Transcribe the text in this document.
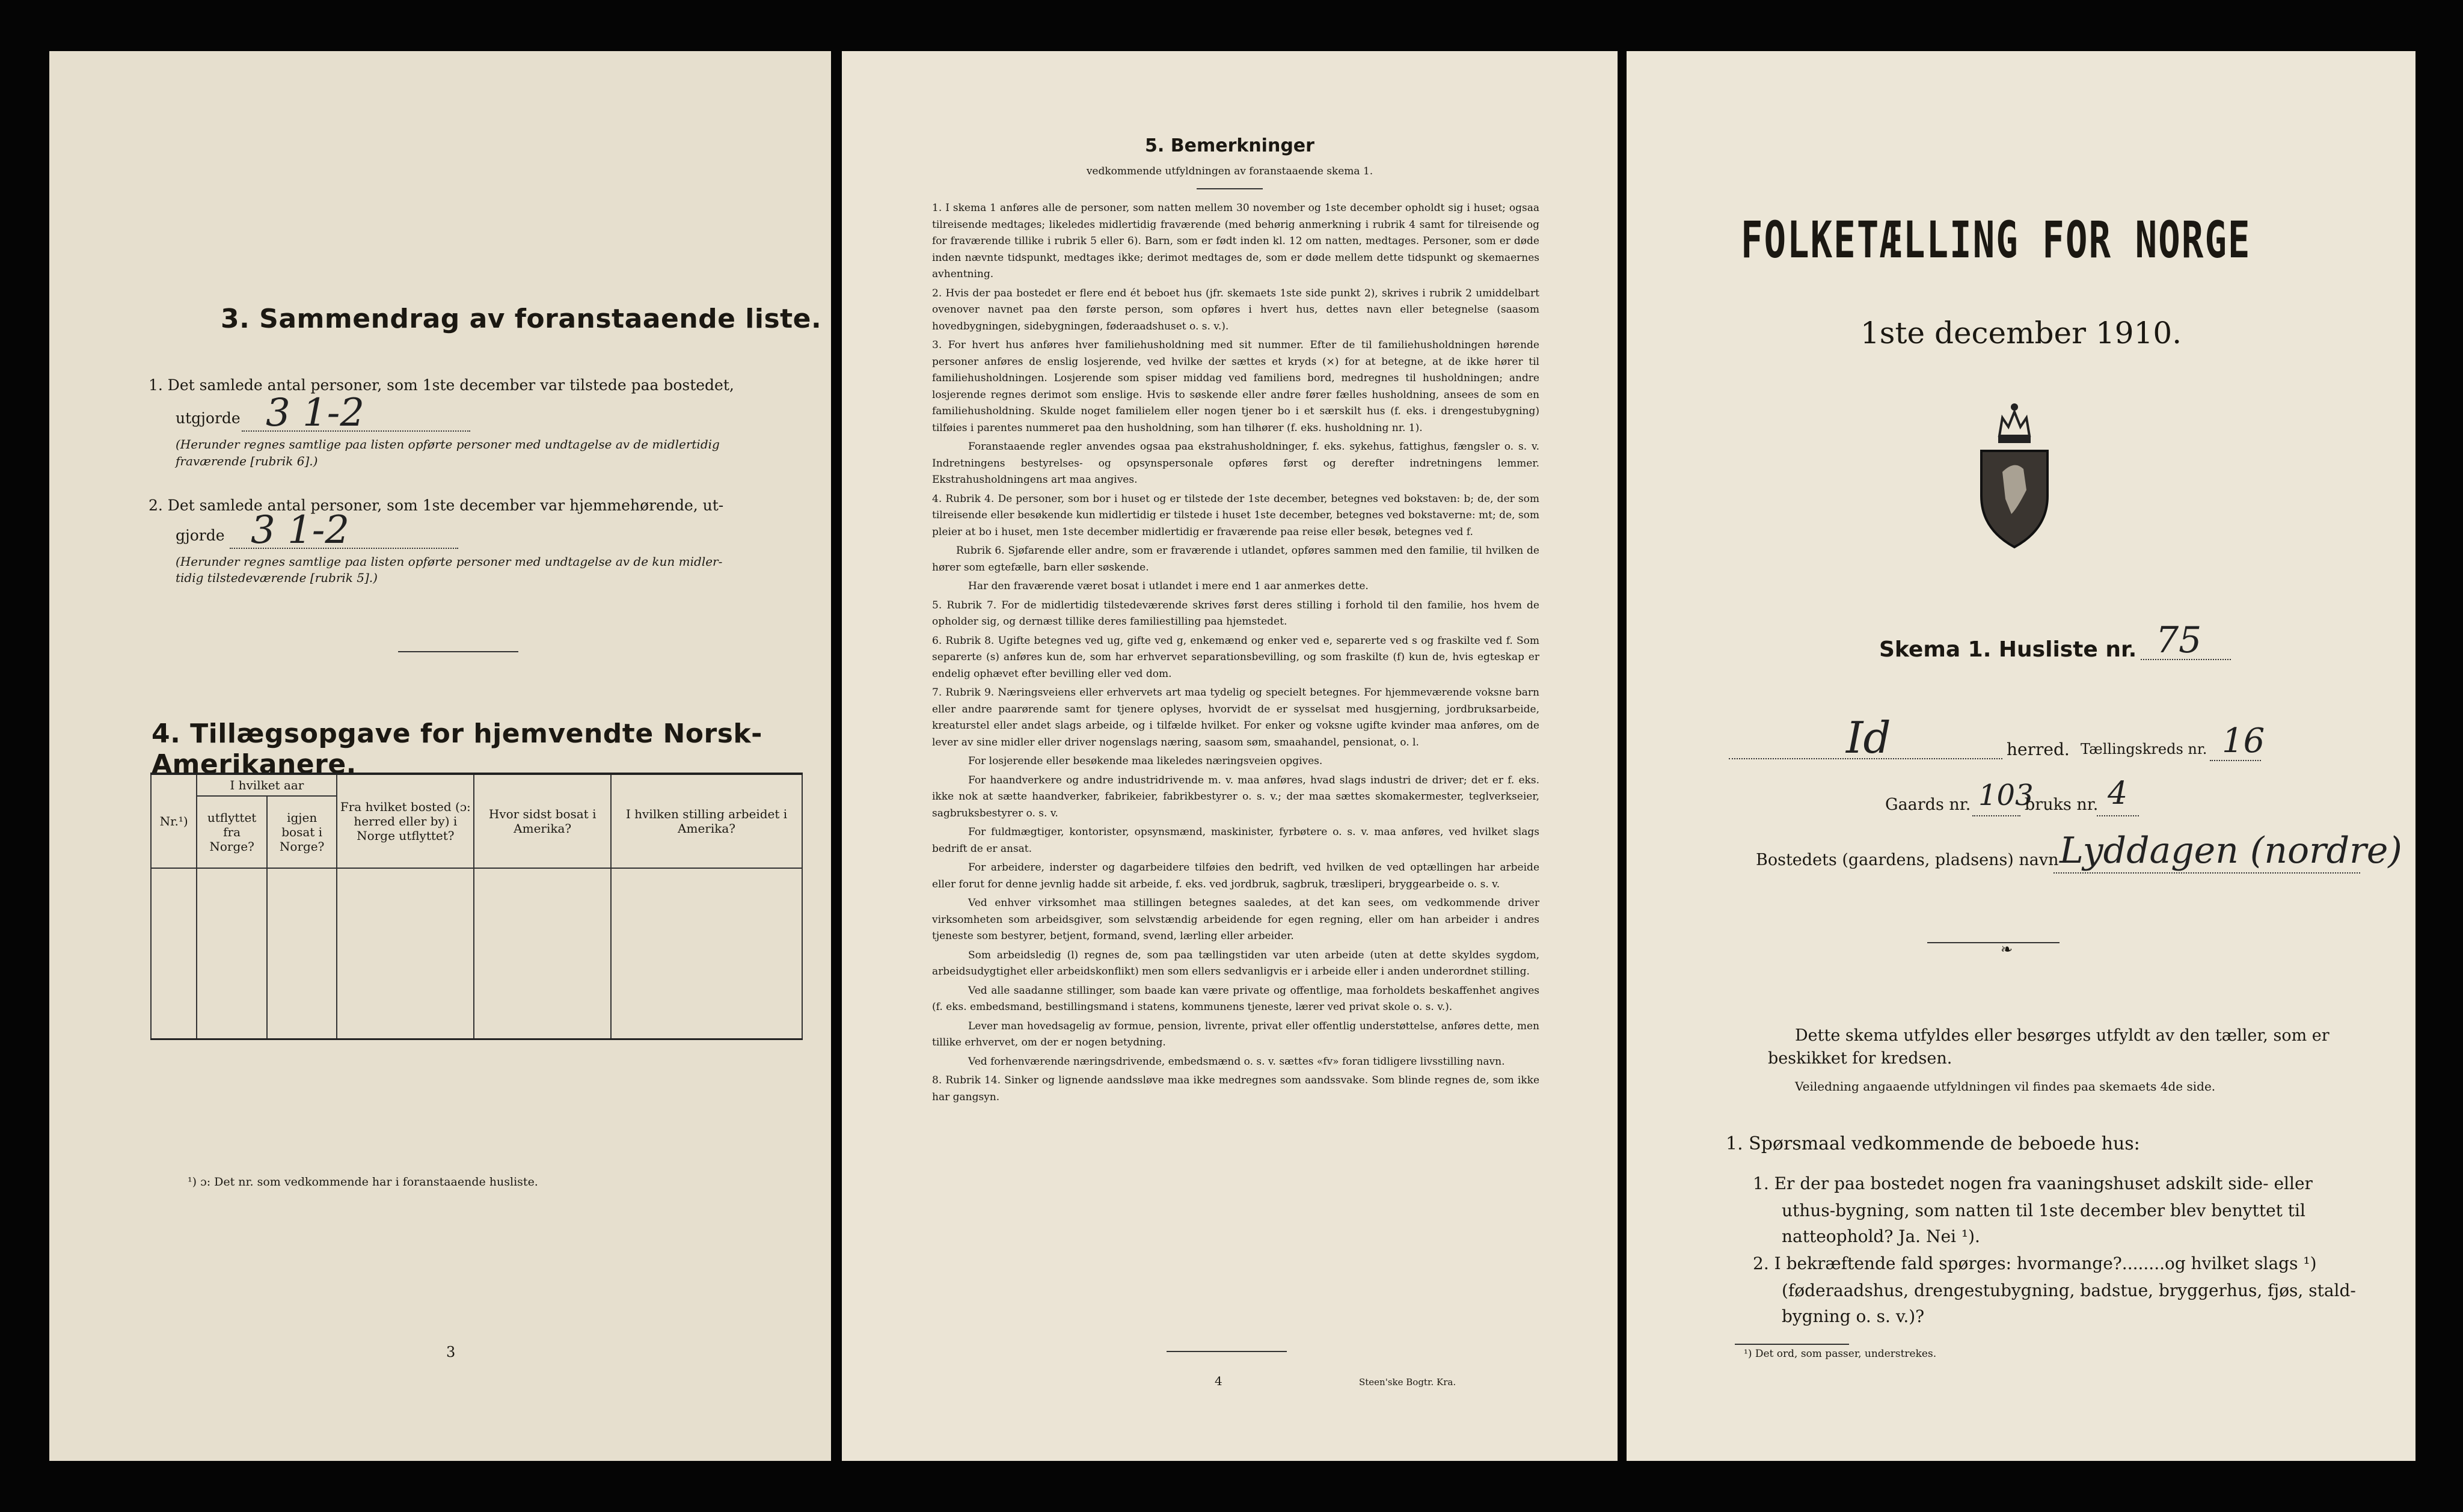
3. Sammendrag av foranstaaende liste.
1. Det samlede antal personer, som 1ste december var tilstede paa bostedet,
utgjorde 3 1-2
(Herunder regnes samtlige paa listen opførte personer med undtagelse av de midlertidig
fraværende [rubrik 6].)
2. Det samlede antal personer, som 1ste december var hjemmehørende, ut-
gjorde 3 1-2
(Herunder regnes samtlige paa listen opførte personer med undtagelse av de kun midler-
tidig tilstedeværende [rubrik 5].)
4. Tillægsopgave for hjemvendte Norsk-Amerikanere.
Nr.¹)	I hvilket aar		Fra hvilket bosted (ɔ: herred eller by) i Norge utflyttet?	Hvor sidst bosat i Amerika?	I hvilken stilling arbeidet i Amerika?
	utflyttet fra Norge?	igjen bosat i Norge?			

¹) ɔ: Det nr. som vedkommende har i foranstaaende husliste.
3
5. Bemerkninger
vedkommende utfyldningen av foranstaaende skema 1.

1. I skema 1 anføres alle de personer, som natten mellem 30 november og 1ste december opholdt sig i huset; ogsaa tilreisende medtages; likeledes midlertidig fraværende (med behørig anmerkning i rubrik 4 samt for tilreisende og for fraværende tillike i rubrik 5 eller 6). Barn, som er født inden kl. 12 om natten, medtages. Personer, som er døde inden nævnte tidspunkt, medtages ikke; derimot medtages de, som er døde mellem dette tidspunkt og skemaernes avhentning.

2. Hvis der paa bostedet er flere end ét beboet hus (jfr. skemaets 1ste side punkt 2), skrives i rubrik 2 umiddelbart ovenover navnet paa den første person, som opføres i hvert hus, dettes navn eller betegnelse (saasom hovedbygningen, sidebygningen, føderaadshuset o. s. v.).

3. For hvert hus anføres hver familiehusholdning med sit nummer. Efter de til familiehusholdningen hørende personer anføres de enslig losjerende, ved hvilke der sættes et kryds (×) for at betegne, at de ikke hører til familiehusholdningen. Losjerende som spiser middag ved familiens bord, medregnes til husholdningen; andre losjerende regnes derimot som enslige. Hvis to søskende eller andre fører fælles husholdning, ansees de som en familiehusholdning. Skulde noget familielem eller nogen tjener bo i et særskilt hus (f. eks. i drengestubygning) tilføies i parentes nummeret paa den husholdning, som han tilhører (f. eks. husholdning nr. 1).

Foranstaaende regler anvendes ogsaa paa ekstrahusholdninger, f. eks. sykehus, fattighus, fængsler o. s. v. Indretningens bestyrelses- og opsynspersonale opføres først og derefter indretningens lemmer. Ekstrahusholdningens art maa angives.

4. Rubrik 4. De personer, som bor i huset og er tilstede der 1ste december, betegnes ved bokstaven: b; de, der som tilreisende eller besøkende kun midlertidig er tilstede i huset 1ste december, betegnes ved bokstaverne: mt; de, som pleier at bo i huset, men 1ste december midlertidig er fraværende paa reise eller besøk, betegnes ved f.

Rubrik 6. Sjøfarende eller andre, som er fraværende i utlandet, opføres sammen med den familie, til hvilken de hører som egtefælle, barn eller søskende.

Har den fraværende været bosat i utlandet i mere end 1 aar anmerkes dette.

5. Rubrik 7. For de midlertidig tilstedeværende skrives først deres stilling i forhold til den familie, hos hvem de opholder sig, og dernæst tillike deres familiestilling paa hjemstedet.

6. Rubrik 8. Ugifte betegnes ved ug, gifte ved g, enkemænd og enker ved e, separerte ved s og fraskilte ved f. Som separerte (s) anføres kun de, som har erhvervet separationsbevilling, og som fraskilte (f) kun de, hvis egteskap er endelig ophævet efter bevilling eller ved dom.

7. Rubrik 9. Næringsveiens eller erhvervets art maa tydelig og specielt betegnes. For hjemmeværende voksne barn eller andre paarørende samt for tjenere oplyses, hvorvidt de er sysselsat med husgjerning, jordbruksarbeide, kreaturstel eller andet slags arbeide, og i tilfælde hvilket. For enker og voksne ugifte kvinder maa anføres, om de lever av sine midler eller driver nogenslags næring, saasom søm, smaahandel, pensionat, o. l.

For losjerende eller besøkende maa likeledes næringsveien opgives.

For haandverkere og andre industridrivende m. v. maa anføres, hvad slags industri de driver; det er f. eks. ikke nok at sætte haandverker, fabrikeier, fabrikbestyrer o. s. v.; der maa sættes skomakermester, teglverkseier, sagbruksbestyrer o. s. v.

For fuldmægtiger, kontorister, opsynsmænd, maskinister, fyrbøtere o. s. v. maa anføres, ved hvilket slags bedrift de er ansat.

For arbeidere, inderster og dagarbeidere tilføies den bedrift, ved hvilken de ved optællingen har arbeide eller forut for denne jevnlig hadde sit arbeide, f. eks. ved jordbruk, sagbruk, træsliperi, bryggearbeide o. s. v.

Ved enhver virksomhet maa stillingen betegnes saaledes, at det kan sees, om vedkommende driver virksomheten som arbeidsgiver, som selvstændig arbeidende for egen regning, eller om han arbeider i andres tjeneste som bestyrer, betjent, formand, svend, lærling eller arbeider.

Som arbeidsledig (l) regnes de, som paa tællingstiden var uten arbeide (uten at dette skyldes sygdom, arbeidsudygtighet eller arbeidskonflikt) men som ellers sedvanligvis er i arbeide eller i anden underordnet stilling.

Ved alle saadanne stillinger, som baade kan være private og offentlige, maa forholdets beskaffenhet angives (f. eks. embedsmand, bestillingsmand i statens, kommunens tjeneste, lærer ved privat skole o. s. v.).

Lever man hovedsagelig av formue, pension, livrente, privat eller offentlig understøttelse, anføres dette, men tillike erhvervet, om der er nogen betydning.

Ved forhenværende næringsdrivende, embedsmænd o. s. v. sættes «fv» foran tidligere livsstilling navn.

8. Rubrik 14. Sinker og lignende aandssløve maa ikke medregnes som aandssvake. Som blinde regnes de, som ikke har gangsyn.

4	Steen'ske Bogtr. Kra.
FOLKETÆLLING FOR NORGE
1ste december 1910.
Skema 1. Husliste nr. 75
Id	herred. Tællingskreds nr. 16
Gaards nr. 103
bruks nr. 4
Bostedets (gaardens, pladsens) navn Lyddagen (nordre)
❧
Dette skema utfyldes eller besørges utfyldt av den tæller, som er
beskikket for kredsen.
Veiledning angaaende utfyldningen vil findes paa skemaets 4de side.
1. Spørsmaal vedkommende de beboede hus:
1. Er der paa bostedet nogen fra vaaningshuset adskilt side- eller
uthus-bygning, som natten til 1ste december blev benyttet til
natteophold? Ja. Nei ¹).
2. I bekræftende fald spørges: hvormange?........og hvilket slags ¹)
(føderaadshus, drengestubygning, badstue, bryggerhus, fjøs, stald-
bygning o. s. v.)?
¹) Det ord, som passer, understrekes.
